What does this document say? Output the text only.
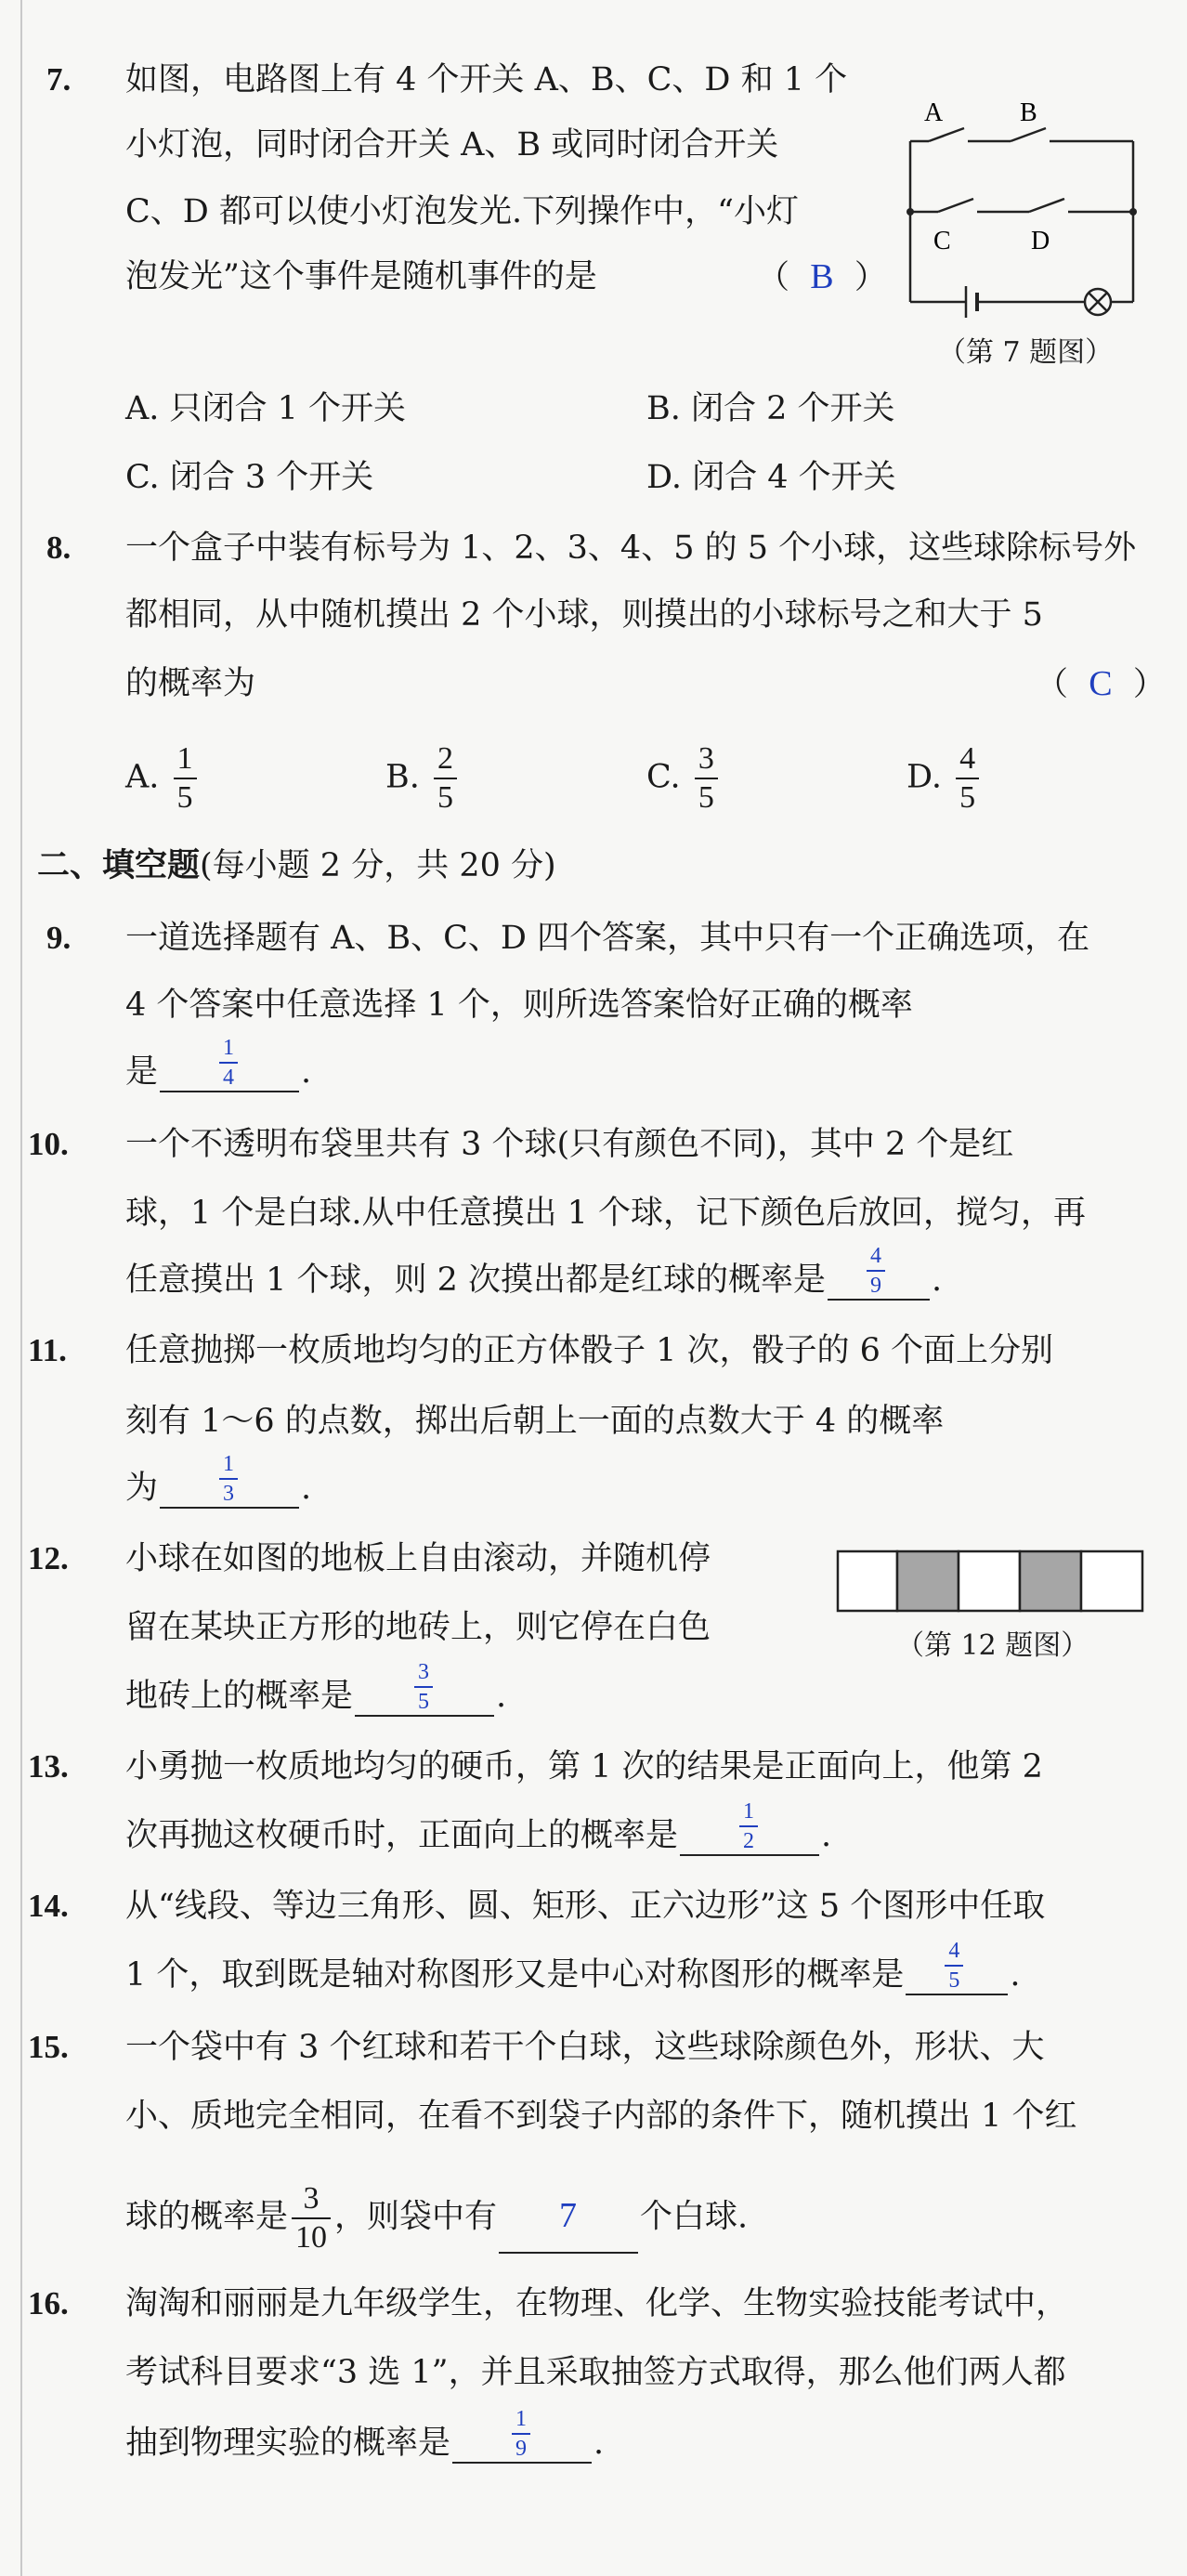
7. 如图，电路图上有 4 个开关 A、B、C、D 和 1 个
小灯泡，同时闭合开关 A、B 或同时闭合开关
C、D 都可以使小灯泡发光.下列操作中，“小灯
泡发光”这个事件是随机事件的是	（ B ）
A	B
C	D
（第 7 题图）
A. 只闭合 1 个开关	B. 闭合 2 个开关
C. 闭合 3 个开关	D. 闭合 4 个开关
8. 一个盒子中装有标号为 1、2、3、4、5 的 5 个小球，这些球除标号外
都相同，从中随机摸出 2 个小球，则摸出的小球标号之和大于 5
的概率为	（ C ）
A. $\frac{1}{5}$	B. $\frac{2}{5}$	C. $\frac{3}{5}$	D. $\frac{4}{5}$
二、填空题(每小题 2 分，共 20 分)
9. 一道选择题有 A、B、C、D 四个答案，其中只有一个正确选项，在
4 个答案中任意选择 1 个，则所选答案恰好正确的概率
是	$\frac{1}{4}$ .
10. 一个不透明布袋里共有 3 个球(只有颜色不同)，其中 2 个是红
球，1 个是白球.从中任意摸出 1 个球，记下颜色后放回，搅匀，再
任意摸出 1 个球，则 2 次摸出都是红球的概率是 $\frac{4}{9}$ .
11. 任意抛掷一枚质地均匀的正方体骰子 1 次，骰子的 6 个面上分别
刻有 1～6 的点数，掷出后朝上一面的点数大于 4 的概率
为	$\frac{1}{3}$ .
12. 小球在如图的地板上自由滚动，并随机停
留在某块正方形的地砖上，则它停在白色
地砖上的概率是	$\frac{3}{5}$ .
（第 12 题图）
13. 小勇抛一枚质地均匀的硬币，第 1 次的结果是正面向上，他第 2
次再抛这枚硬币时，正面向上的概率是	$\frac{1}{2}$ .
14. 从“线段、等边三角形、圆、矩形、正六边形”这 5 个图形中任取
1 个，取到既是轴对称图形又是中心对称图形的概率是 $\frac{4}{5}$ .
15. 一个袋中有 3 个红球和若干个白球，这些球除颜色外，形状、大
小、质地完全相同，在看不到袋子内部的条件下，随机摸出 1 个红
球的概率是 $\frac{3}{10}$ ，则袋中有 7 个白球.
16. 淘淘和丽丽是九年级学生，在物理、化学、生物实验技能考试中，
考试科目要求“3 选 1”，并且采取抽签方式取得，那么他们两人都
抽到物理实验的概率是	$\frac{1}{9}$ .
